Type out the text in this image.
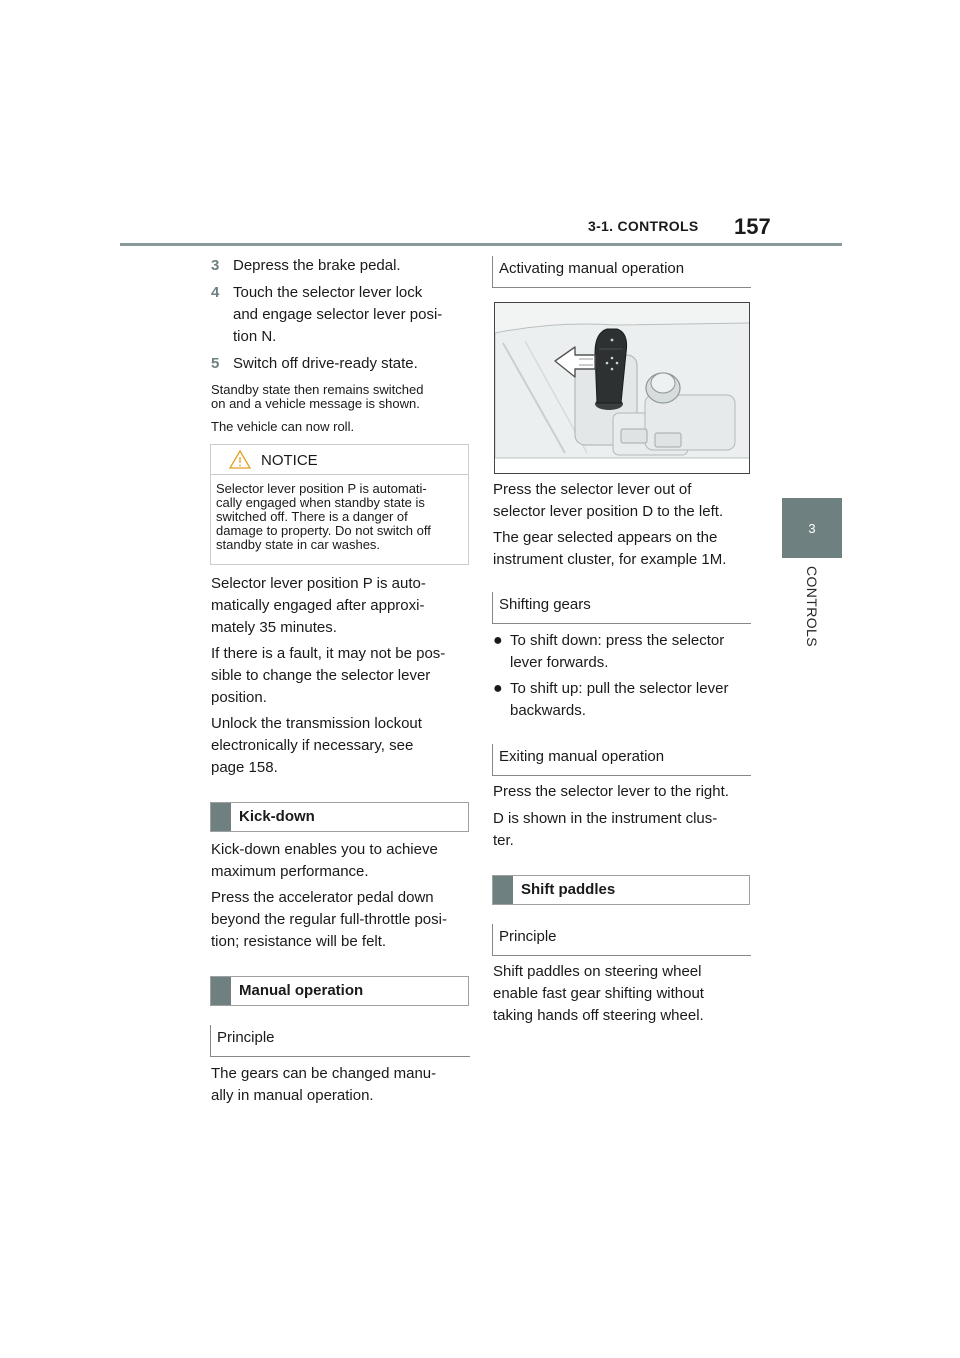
3-1. CONTROLS 157
3
CONTROLS
3 Depress the brake pedal.
4 Touch the selector lever lock
and engage selector lever posi-
tion N.
5 Switch off drive-ready state.
Standby state then remains switched
on and a vehicle message is shown.
The vehicle can now roll.
NOTICE
Selector lever position P is automati-
cally engaged when standby state is
switched off. There is a danger of
damage to property. Do not switch off
standby state in car washes.
Selector lever position P is auto-
matically engaged after approxi-
mately 35 minutes.
If there is a fault, it may not be pos-
sible to change the selector lever
position.
Unlock the transmission lockout
electronically if necessary, see
page 158.
Kick-down
Kick-down enables you to achieve
maximum performance.
Press the accelerator pedal down
beyond the regular full-throttle posi-
tion; resistance will be felt.
Manual operation
Principle
The gears can be changed manu-
ally in manual operation.
Activating manual operation
Press the selector lever out of
selector lever position D to the left.
The gear selected appears on the
instrument cluster, for example 1M.
Shifting gears
● To shift down: press the selector
lever forwards.
● To shift up: pull the selector lever
backwards.
Exiting manual operation
Press the selector lever to the right.
D is shown in the instrument clus-
ter.
Shift paddles
Principle
Shift paddles on steering wheel
enable fast gear shifting without
taking hands off steering wheel.
